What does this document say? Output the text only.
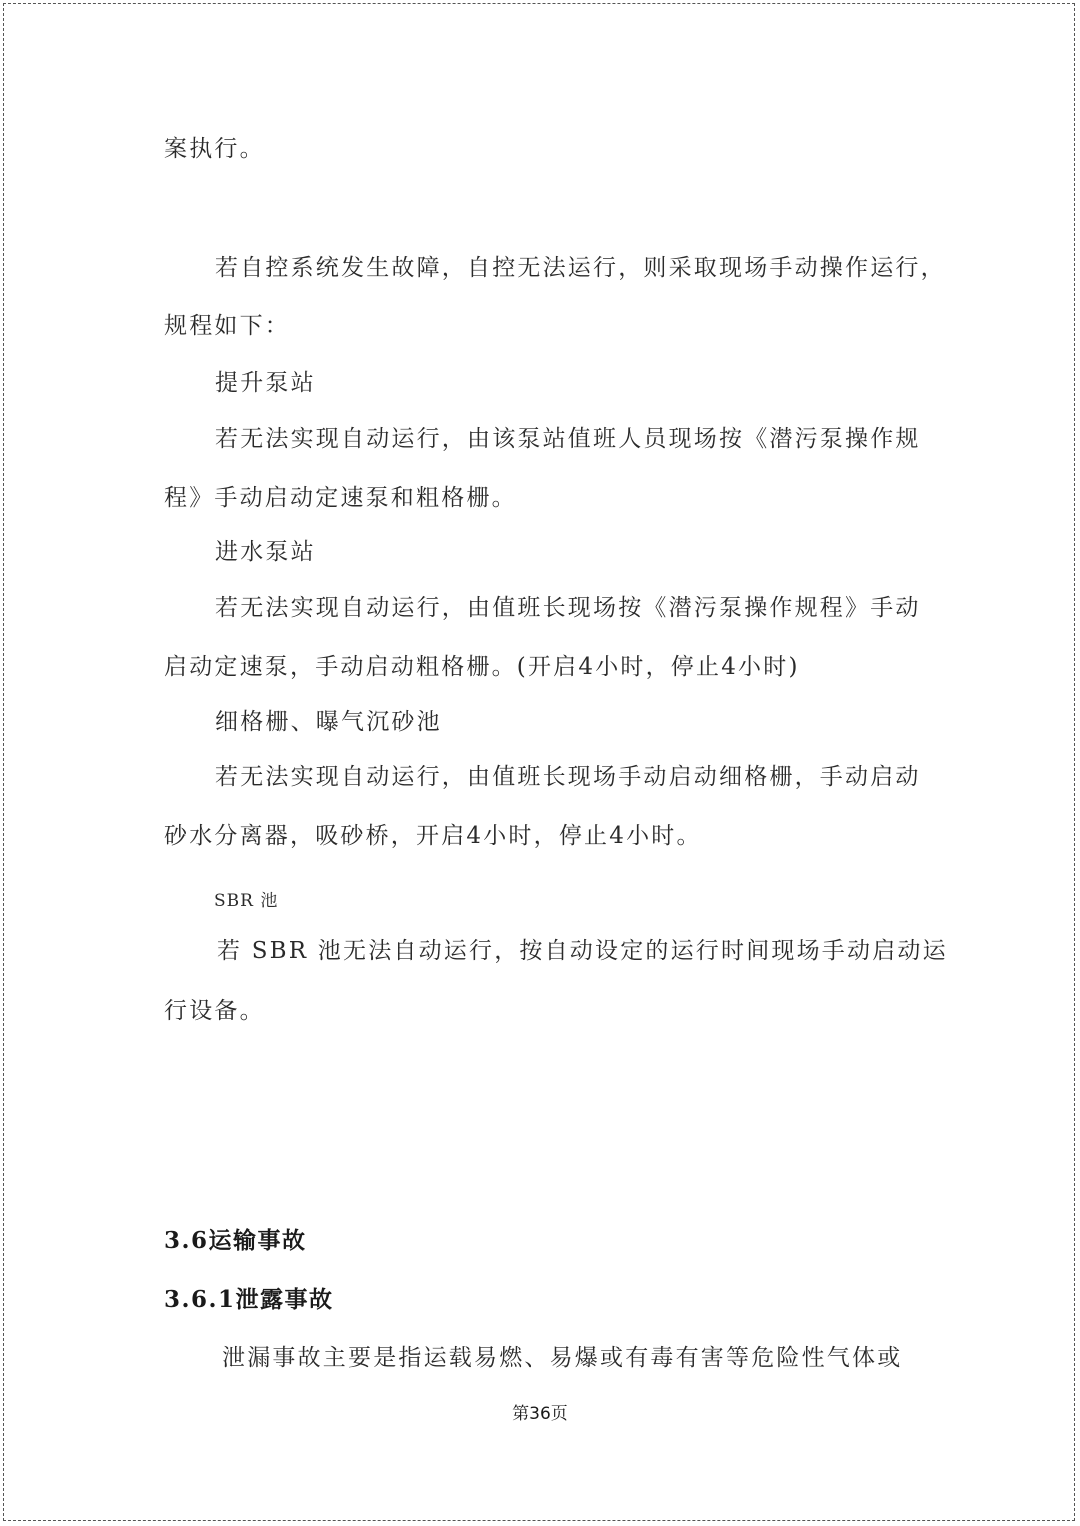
案执行。
若自控系统发生故障，自控无法运行，则采取现场手动操作运行，
规程如下：
提升泵站
若无法实现自动运行，由该泵站值班人员现场按《潜污泵操作规
程》手动启动定速泵和粗格栅。
进水泵站
若无法实现自动运行，由值班长现场按《潜污泵操作规程》手动
启动定速泵，手动启动粗格栅。(开启4小时，停止4小时)
细格栅、曝气沉砂池
若无法实现自动运行，由值班长现场手动启动细格栅，手动启动
砂水分离器，吸砂桥，开启4小时，停止4小时。
SBR 池
若 SBR 池无法自动运行，按自动设定的运行时间现场手动启动运
行设备。
3.6运输事故
3.6.1泄露事故
泄漏事故主要是指运载易燃、易爆或有毒有害等危险性气体或
第36页
